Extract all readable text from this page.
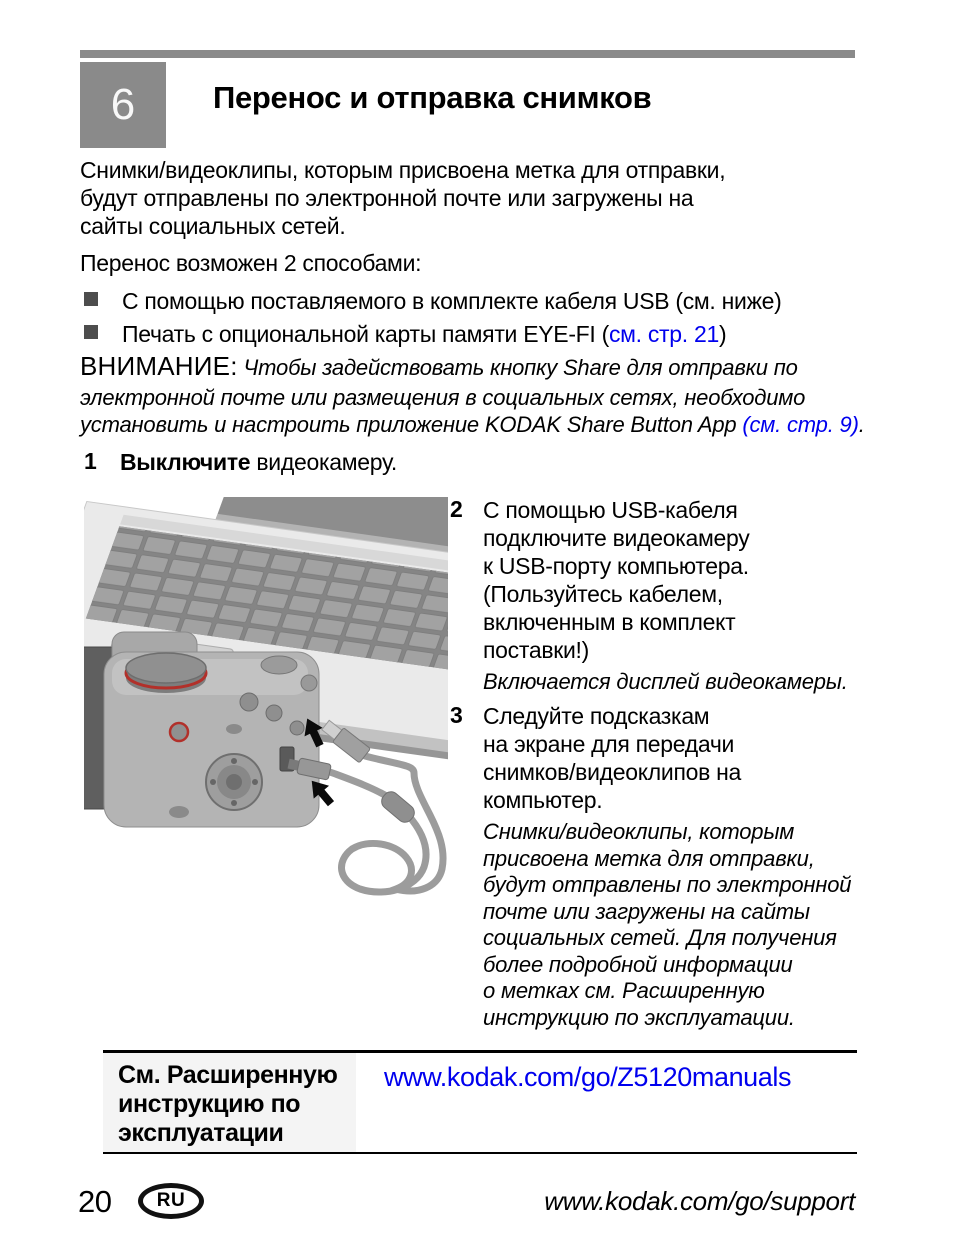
6	Перенос и отправка снимков
Снимки/видеоклипы, которым присвоена метка для отправки,
будут отправлены по электронной почте или загружены на
сайты социальных сетей.
Перенос возможен 2 способами:
С помощью поставляемого в комплекте кабеля USB (см. ниже)
Печать с опциональной карты памяти EYE-FI (см. стр. 21)
ВНИМАНИЕ: Чтобы задействовать кнопку Share для отправки по
электронной почте или размещения в социальных сетях, необходимо
установить и настроить приложение KODAK Share Button App (см. стр. 9).
1 Выключите видеокамеру.
2 С помощью USB-кабеля
подключите видеокамеру
к USB-порту компьютера.
(Пользуйтесь кабелем,
включенным в комплект
поставки!)
Включается дисплей видеокамеры.
3 Следуйте подсказкам
на экране для передачи
снимков/видеоклипов на
компьютер.
Снимки/видеоклипы, которым
присвоена метка для отправки,
будут отправлены по электронной
почте или загружены на сайты
социальных сетей. Для получения
более подробной информации
о метках см. Расширенную
инструкцию по эксплуатации.
См. Расширенную
инструкцию по
эксплуатации
www.kodak.com/go/Z5120manuals
20	RU	www.kodak.com/go/support
